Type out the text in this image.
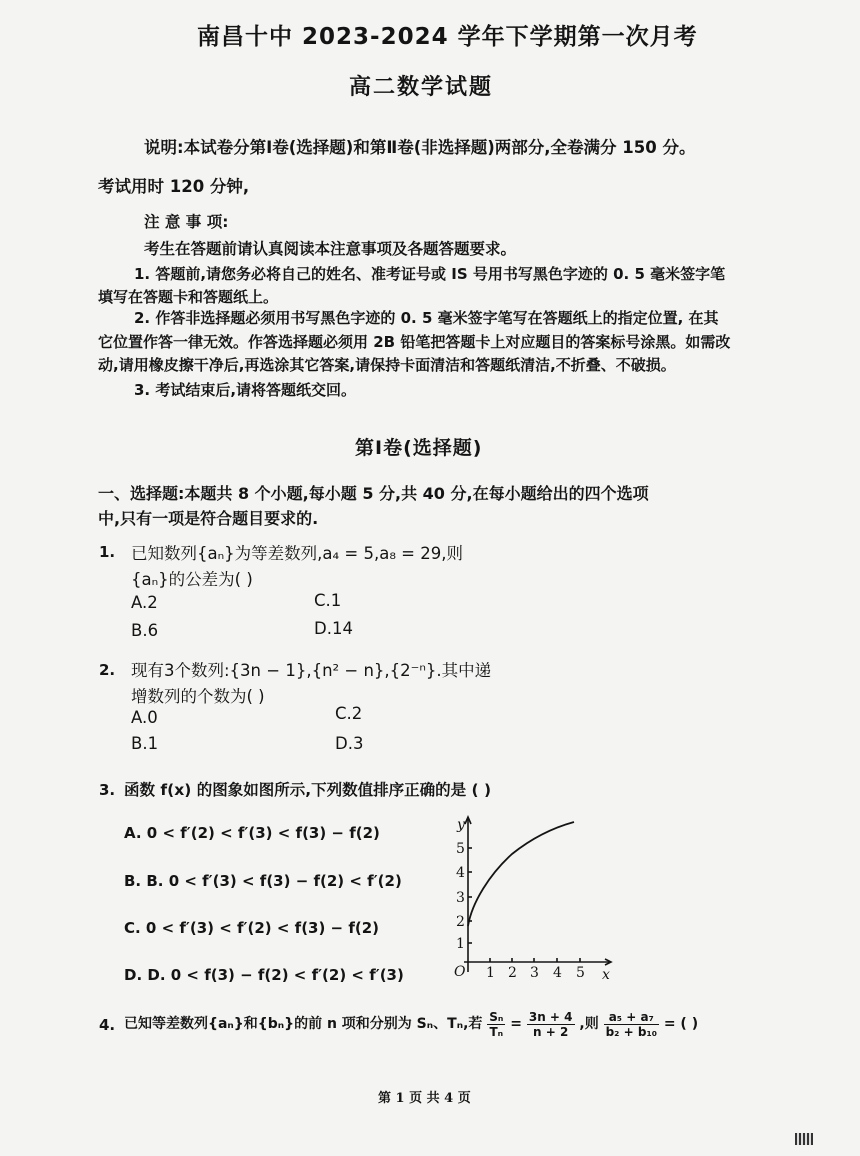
南昌十中 2023-2024 学年下学期第一次月考
高二数学试题
说明:本试卷分第Ⅰ卷(选择题)和第Ⅱ卷(非选择题)两部分,全卷满分 150 分。
考试用时 120 分钟,
注 意 事 项:
考生在答题前请认真阅读本注意事项及各题答题要求。
1. 答题前,请您务必将自己的姓名、准考证号或 IS 号用书写黑色字迹的 0. 5 毫米签字笔
填写在答题卡和答题纸上。
2. 作答非选择题必须用书写黑色字迹的 0. 5 毫米签字笔写在答题纸上的指定位置, 在其
它位置作答一律无效。作答选择题必须用 2B 铅笔把答题卡上对应题目的答案标号涂黑。如需改
动,请用橡皮擦干净后,再选涂其它答案,请保持卡面清洁和答题纸清洁,不折叠、不破损。
3. 考试结束后,请将答题纸交回。
第Ⅰ卷(选择题)
一、选择题:本题共 8 个小题,每小题 5 分,共 40 分,在每小题给出的四个选项
中,只有一项是符合题目要求的.
1. 已知数列{aₙ}为等差数列,a₄ = 5,a₈ = 29,则
{aₙ}的公差为( )
A.2	C.1
B.6	D.14
2. 现有3个数列:{3n − 1},{n² − n},{2⁻ⁿ}.其中递
增数列的个数为( )
A.0	C.2
B.1	D.3
3. 函数 f(x) 的图象如图所示,下列数值排序正确的是 ( )
A. 0 < f′(2) < f′(3) < f(3) − f(2)
B. B. 0 < f′(3) < f(3) − f(2) < f′(2)
C. 0 < f′(3) < f′(2) < f(3) − f(2)
D. D. 0 < f(3) − f(2) < f′(2) < f′(3)
y
x
O 1 2 3 4 5
1
2
3
4
5
4. 已知等差数列{aₙ}和{bₙ}的前 n 项和分别为 Sₙ、Tₙ,若 $\frac{\text{Sₙ}}{\text{Tₙ}} = \frac{3n + 4}{n + 2}$ ,则 $\frac{\text{a₅ + a₇}}{\text{b₂ + b₁₀}}$ = ( )
第 1 页 共 4 页
